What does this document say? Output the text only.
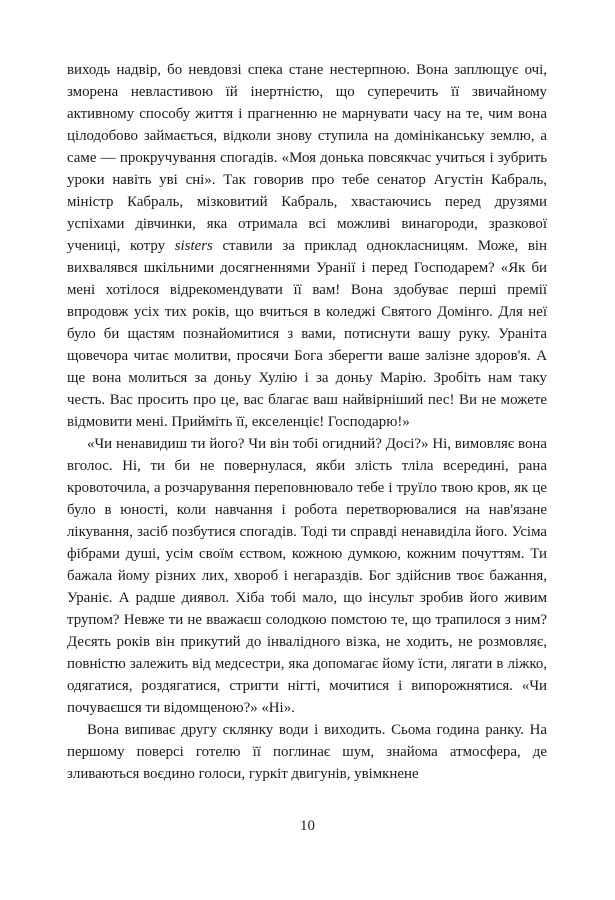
виходь надвір, бо невдовзі спека стане нестерпною. Вона заплющує очі, зморена невластивою їй інертністю, що суперечить її звичайному активному способу життя і прагненню не марнувати часу на те, чим вона цілодобово займається, відколи знову ступила на домініканську землю, а саме — прокручування спогадів. «Моя донька повсякчас учиться і зубрить уроки навіть уві сні». Так говорив про тебе сенатор Агустін Кабраль, міністр Кабраль, мізковитий Кабраль, хвастаючись перед друзями успіхами дівчинки, яка отримала всі можливі винагороди, зразкової учениці, котру sisters ставили за приклад однокласницям. Може, він вихвалявся шкільними досягненнями Уранії і перед Господарем? «Як би мені хотілося відрекомендувати її вам! Вона здобуває перші премії впродовж усіх тих років, що вчиться в коледжі Святого Домінго. Для неї було би щастям познайомитися з вами, потиснути вашу руку. Ураніта щовечора читає молитви, просячи Бога зберегти ваше залізне здоров'я. А ще вона молиться за доньу Хулію і за доньу Марію. Зробіть нам таку честь. Вас просить про це, вас благає ваш найвірніший пес! Ви не можете відмовити мені. Прийміть її, екселенціє! Господарю!»

«Чи ненавидиш ти його? Чи він тобі огидний? Досі?» Ні, вимовляє вона вголос. Ні, ти би не повернулася, якби злість тліла всередині, рана кровоточила, а розчарування переповнювало тебе і труїло твою кров, як це було в юності, коли навчання і робота перетворювалися на нав'язане лікування, засіб позбутися спогадів. Тоді ти справді ненавиділа його. Усіма фібрами душі, усім своїм єством, кожною думкою, кожним почуттям. Ти бажала йому різних лих, хвороб і негараздів. Бог здійснив твоє бажання, Ураніє. А радше диявол. Хіба тобі мало, що інсульт зробив його живим трупом? Невже ти не вважаєш солодкою помстою те, що трапилося з ним? Десять років він прикутий до інвалідного візка, не ходить, не розмовляє, повністю залежить від медсестри, яка допомагає йому їсти, лягати в ліжко, одягатися, роздягатися, стригти нігті, мочитися і випорожнятися. «Чи почуваєшся ти відомщеною?» «Ні».

Вона випиває другу склянку води і виходить. Сьома година ранку. На першому поверсі готелю її поглинає шум, знайома атмосфера, де зливаються воєдино голоси, гуркіт двигунів, увімкнене

10
